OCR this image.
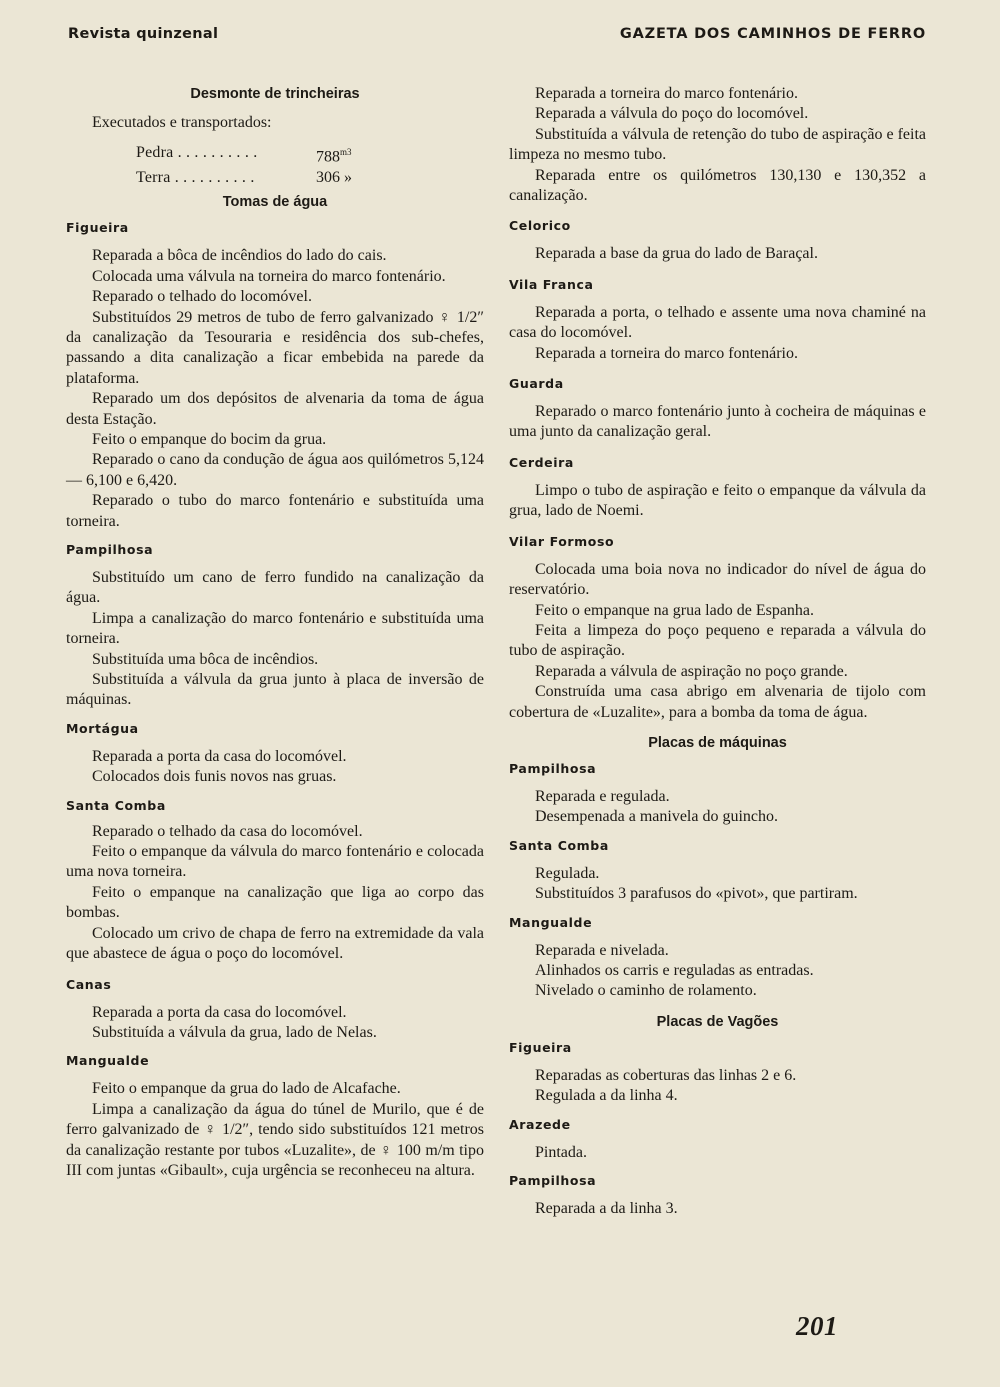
Revista quinzenal	GAZETA DOS CAMINHOS DE FERRO
Desmonte de trincheiras
Executados e transportados:
Pedra . . . . . . . . . .	$788^{m3}$
Terra . . . . . . . . . .	306 »
Tomas de água
Figueira

Reparada a bôca de incêndios do lado do cais.

Colocada uma válvula na torneira do marco fontenário.

Reparado o telhado do locomóvel.

Substituídos 29 metros de tubo de ferro galvanizado ♀ 1/2″ da canalização da Tesouraria e residência dos sub-chefes, passando a dita canalização a ficar embebida na parede da plataforma.

Reparado um dos depósitos de alvenaria da toma de água desta Estação.

Feito o empanque do bocim da grua.

Reparado o cano da condução de água aos quilómetros 5,124 — 6,100 e 6,420.

Reparado o tubo do marco fontenário e substituída uma torneira.

Pampilhosa

Substituído um cano de ferro fundido na canalização da água.

Limpa a canalização do marco fontenário e substituída uma torneira.

Substituída uma bôca de incêndios.

Substituída a válvula da grua junto à placa de inversão de máquinas.

Mortágua

Reparada a porta da casa do locomóvel.

Colocados dois funis novos nas gruas.

Santa Comba

Reparado o telhado da casa do locomóvel.

Feito o empanque da válvula do marco fontenário e colocada uma nova torneira.

Feito o empanque na canalização que liga ao corpo das bombas.

Colocado um crivo de chapa de ferro na extremidade da vala que abastece de água o poço do locomóvel.

Canas

Reparada a porta da casa do locomóvel.

Substituída a válvula da grua, lado de Nelas.

Mangualde

Feito o empanque da grua do lado de Alcafache.

Limpa a canalização da água do túnel de Murilo, que é de ferro galvanizado de ♀ 1/2″, tendo sido substituídos 121 metros da canalização restante por tubos «Luzalite», de ♀ 100 m/m tipo III com juntas «Gibault», cuja urgência se reconheceu na altura.

Reparada a torneira do marco fontenário.

Reparada a válvula do poço do locomóvel.

Substituída a válvula de retenção do tubo de aspiração e feita limpeza no mesmo tubo.

Reparada entre os quilómetros 130,130 e 130,352 a canalização.

Celorico

Reparada a base da grua do lado de Baraçal.

Vila Franca

Reparada a porta, o telhado e assente uma nova chaminé na casa do locomóvel.

Reparada a torneira do marco fontenário.

Guarda

Reparado o marco fontenário junto à cocheira de máquinas e uma junto da canalização geral.

Cerdeira

Limpo o tubo de aspiração e feito o empanque da válvula da grua, lado de Noemi.

Vilar Formoso

Colocada uma boia nova no indicador do nível de água do reservatório.

Feito o empanque na grua lado de Espanha.

Feita a limpeza do poço pequeno e reparada a válvula do tubo de aspiração.

Reparada a válvula de aspiração no poço grande.

Construída uma casa abrigo em alvenaria de tijolo com cobertura de «Luzalite», para a bomba da toma de água.

Placas de máquinas
Pampilhosa

Reparada e regulada.

Desempenada a manivela do guincho.

Santa Comba

Regulada.

Substituídos 3 parafusos do «pivot», que partiram.

Mangualde

Reparada e nivelada.

Alinhados os carris e reguladas as entradas.

Nivelado o caminho de rolamento.

Placas de Vagões
Figueira

Reparadas as coberturas das linhas 2 e 6.

Regulada a da linha 4.

Arazede

Pintada.

Pampilhosa

Reparada a da linha 3.

201
